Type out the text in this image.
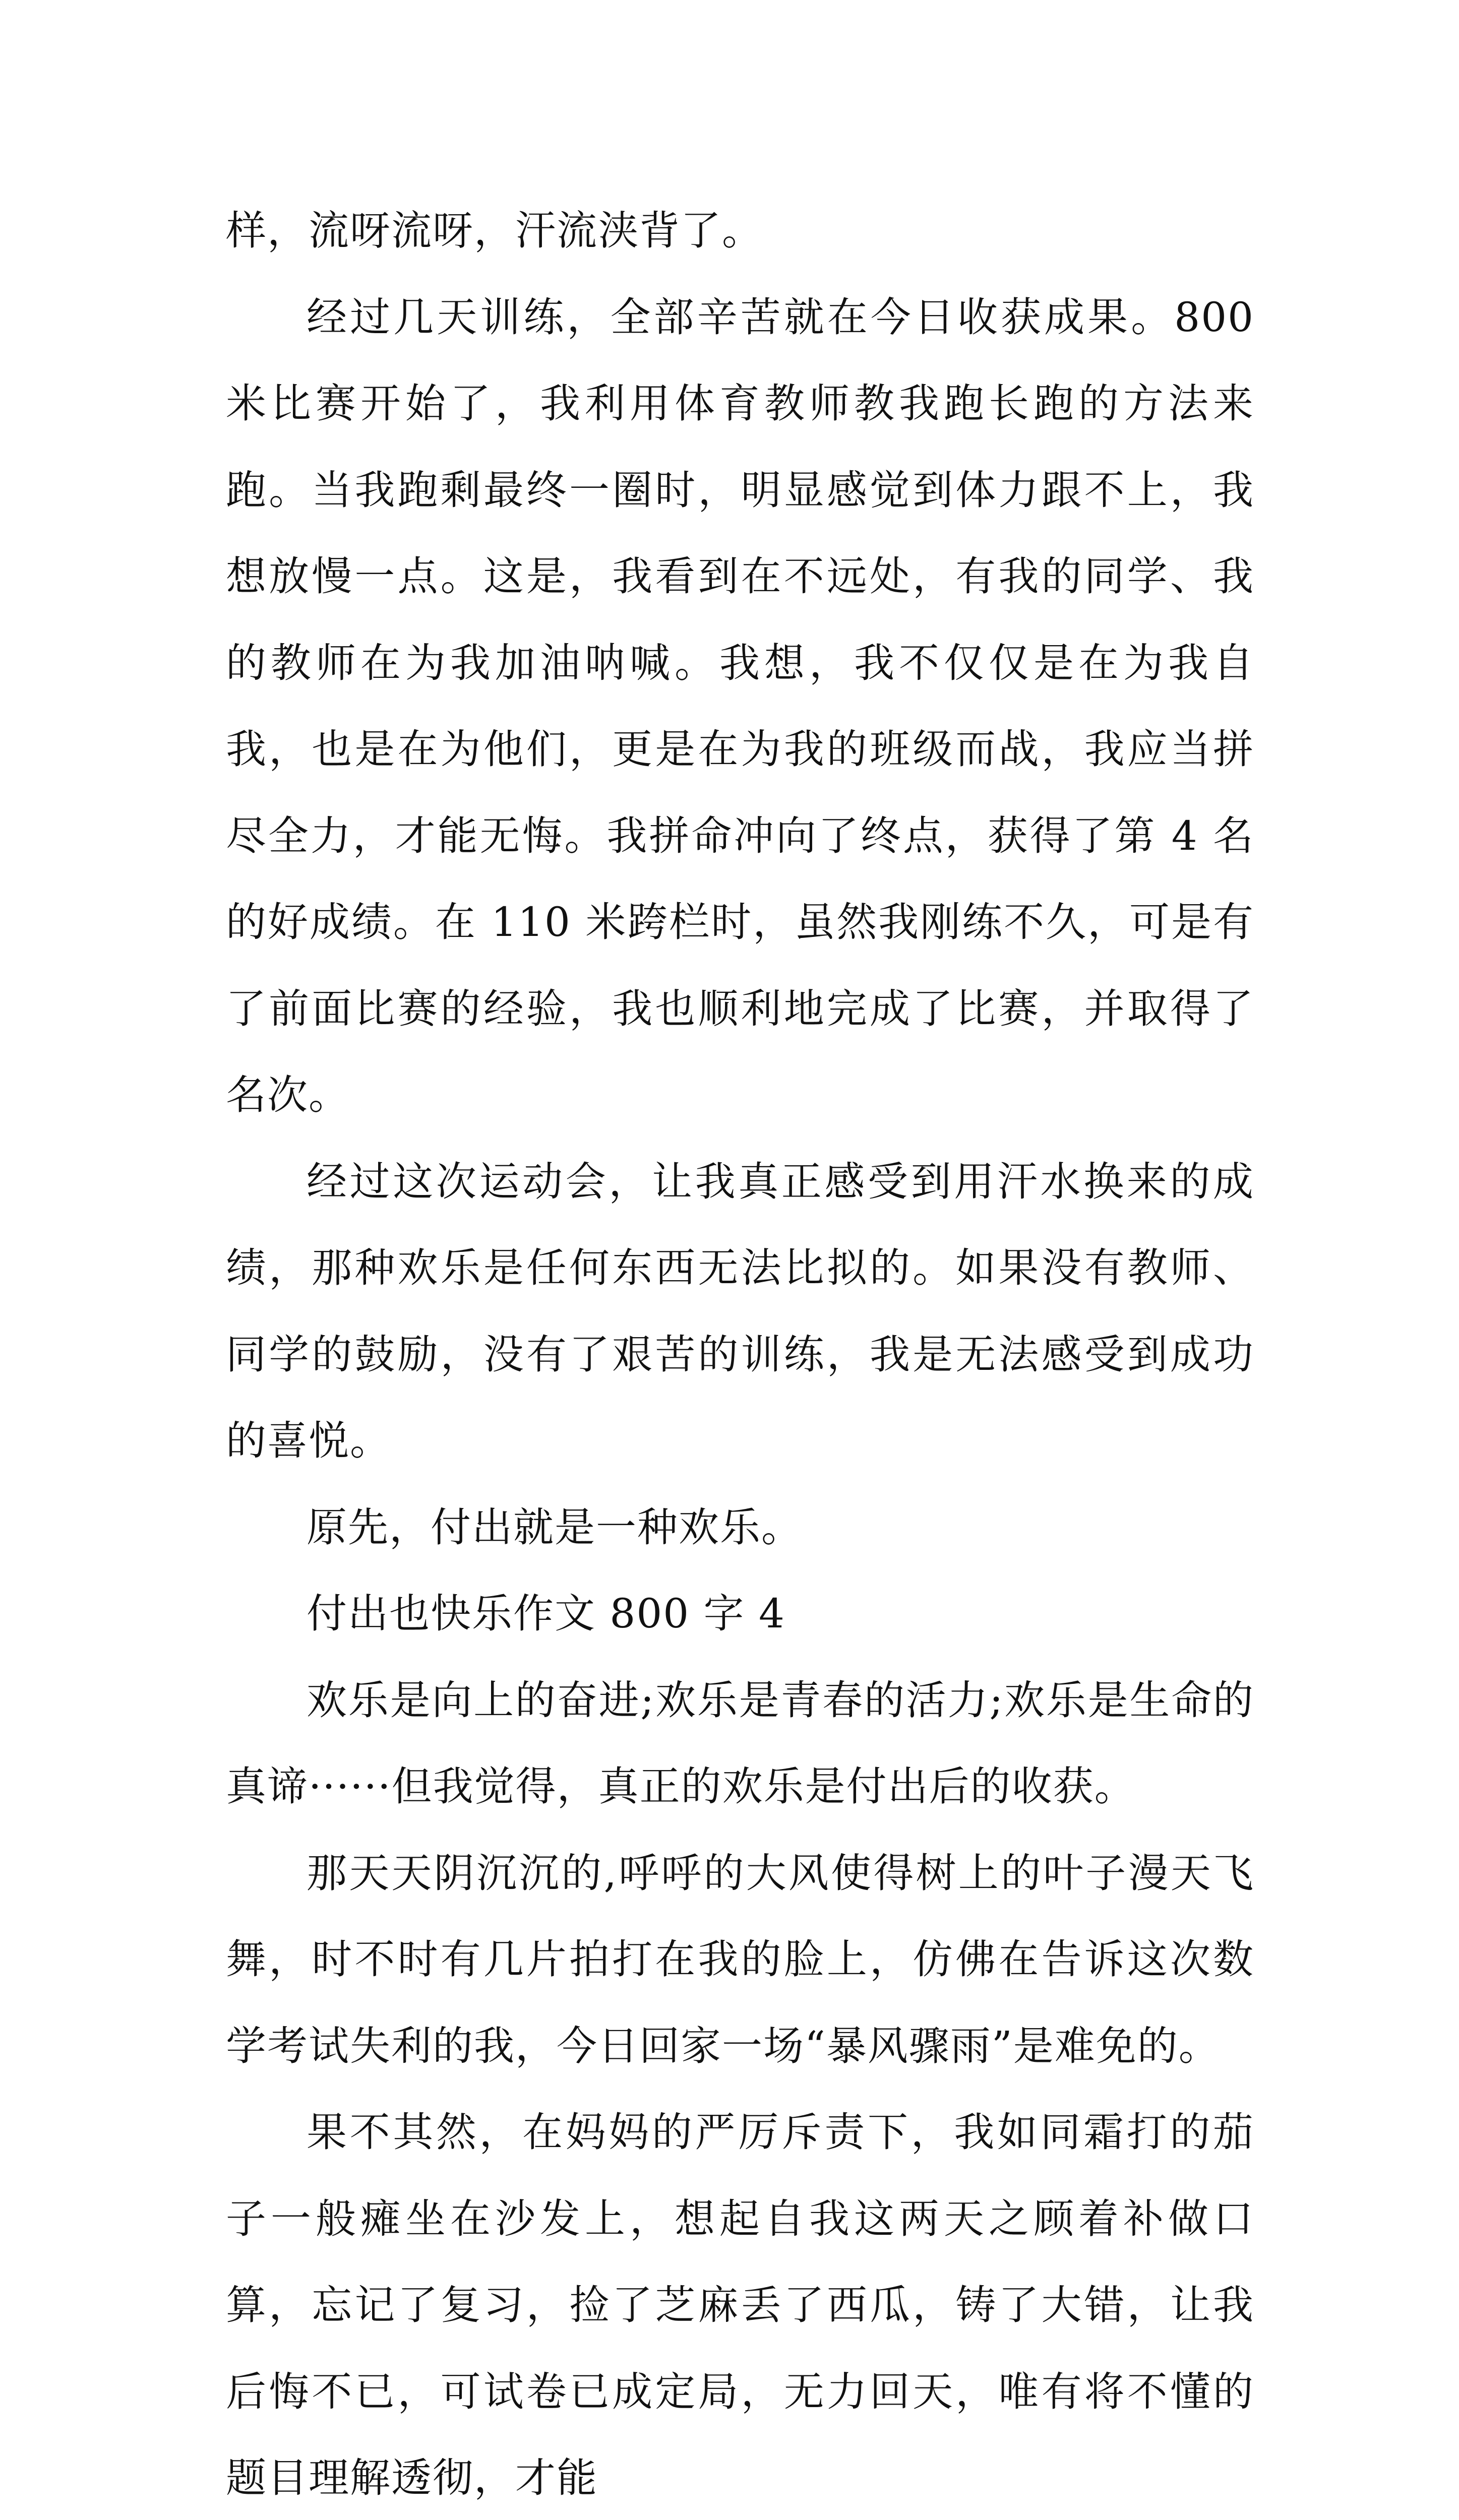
样，流呀流呀，汗流浃背了。

经过几天训练，全部辛苦就在今日收获成果。800 米比赛开始了，我利用体育教师教我跑长跑的方法来跑。当我跑剩最终一圈时，明显感觉到体力跟不上，我想放慢一点。这是，我看到在不远处，有我的同学、我的教师在为我加油呐喊。我想，我不仅仅是在为我自我，也是在为他们，更是在为我的班级而战，我应当拼尽全力，才能无悔。我拼命冲向了终点，获得了第 4 名的好成绩。在 110 米跨栏时，虽然我刚练不久，可是有了前面比赛的经验，我也顺利地完成了比赛，并取得了名次。

经过这次运动会，让我真正感受到用汗水换来的成绩，那种欢乐是任何东西无法比拟的。如果没有教师、同学的鼓励，没有了艰苦的训练，我是无法感受到成功的喜悦。

原先，付出就是一种欢乐。

付出也快乐作文 800 字 4

欢乐是向上的奋进;欢乐是青春的活力;欢乐是生命的真谛······但我觉得，真正的欢乐是付出后的收获。

那天天阴沉沉的,呼呼的大风使得树上的叶子漫天飞舞，时不时有几片拍打在我的脸上，仿佛在告诉这次数学考试失利的我，今日回家一场“暴风骤雨”是难免的。

果不其然，在妈妈的严厉斥责下，我如同霜打的茄子一般瘫坐在沙发上，想起自我这两天之顾着补做口算，忘记了复习，捡了芝麻丢了西瓜，铸了大错，让我后悔不已，可试卷已成定局，无力回天，唯有将不懂的题目理解透彻，才能
